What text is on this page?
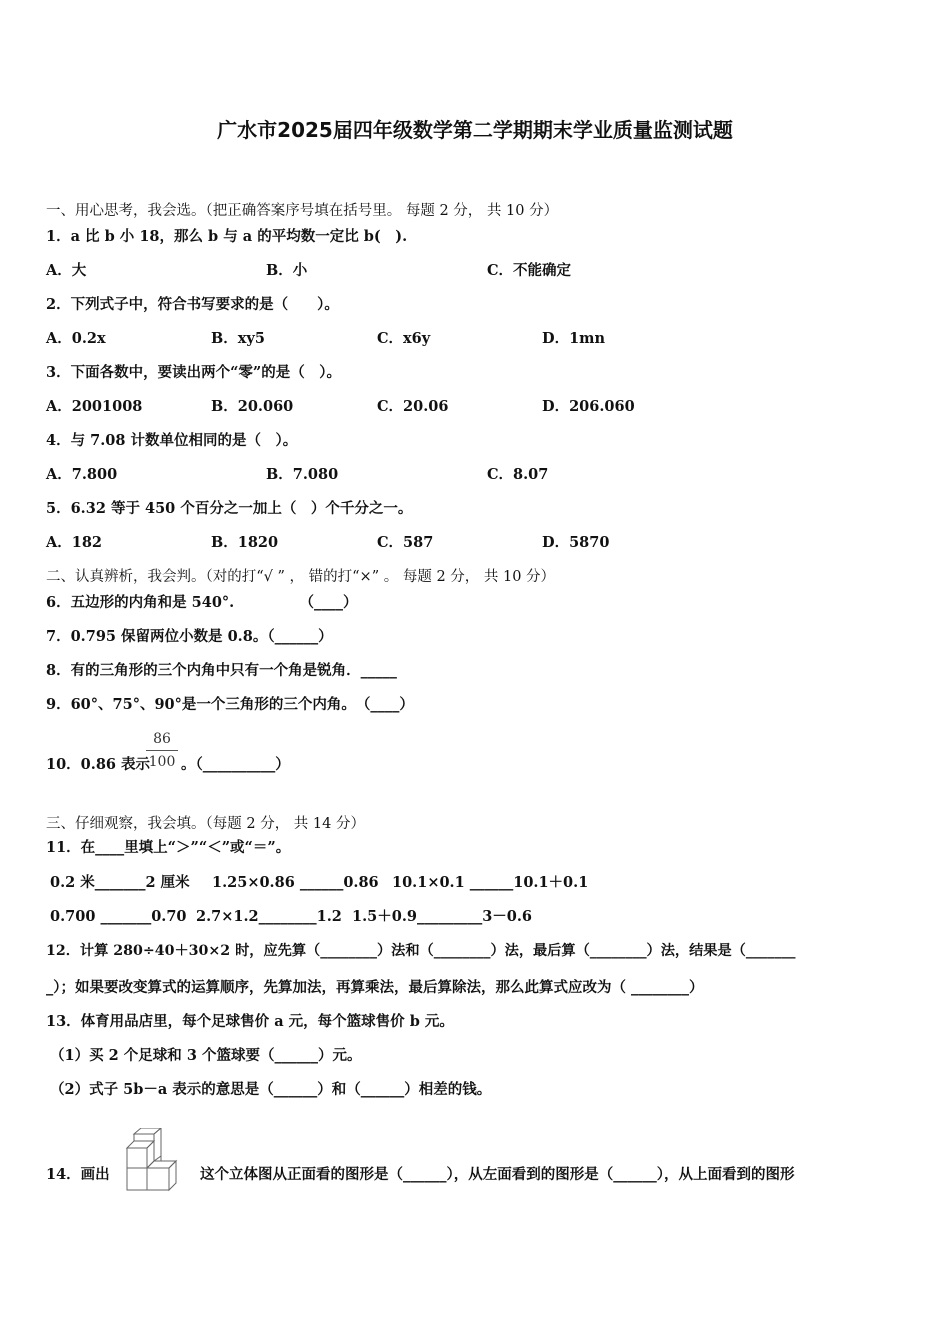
广水市2025届四年级数学第二学期期末学业质量监测试题
一、用心思考，我会选。（把正确答案序号填在括号里。 每题 2 分， 共 10 分）
1．a 比 b 小 18，那么 b 与 a 的平均数一定比 b(　).
A．大	B．小	C．不能确定
2．下列式子中，符合书写要求的是（　　）。
A．0.2x	B．xy5	C．x6y	D．1mn
3．下面各数中，要读出两个“零”的是（　）。
A．2001008	B．20.060	C．20.06	D．206.060
4．与 7.08 计数单位相同的是（　）。
A．7.800	B．7.080	C．8.07
5．6.32 等于 450 个百分之一加上（　）个千分之一。
A．182	B．1820	C．587	D．5870
二、认真辨析，我会判。（对的打“√ ” ， 错的打“×” 。 每题 2 分， 共 10 分）
6．五边形的内角和是 540°.　　　　　（____）
7．0.795 保留两位小数是 0.8。（______）
8．有的三角形的三个内角中只有一个角是锐角．_____
9．60°、75°、90°是一个三角形的三个内角。　（____）
10．0.86 表示
86
100 。（__________）
三、仔细观察，我会填。（每题 2 分， 共 14 分）
11．在____里填上“＞”“＜”或“＝”。
0.2 米_______2 厘米 1.25×0.86 ______0.86 10.1×0.1 ______10.1＋0.1
0.700 _______0.70 2.7×1.2________1.2 1.5＋0.9_________3－0.6
12．计算 280÷40＋30×2 时，应先算（________）法和（________）法，最后算（________）法，结果是（_______
_）；如果要改变算式的运算顺序，先算加法，再算乘法，最后算除法，那么此算式应改为（ ________）
13．体育用品店里，每个足球售价 a 元，每个篮球售价 b 元。
（1）买 2 个足球和 3 个篮球要（______）元。
（2）式子 5b－a 表示的意思是（______）和（______）相差的钱。
14．画出	这个立体图从正面看的图形是（______），从左面看到的图形是（______），从上面看到的图形
